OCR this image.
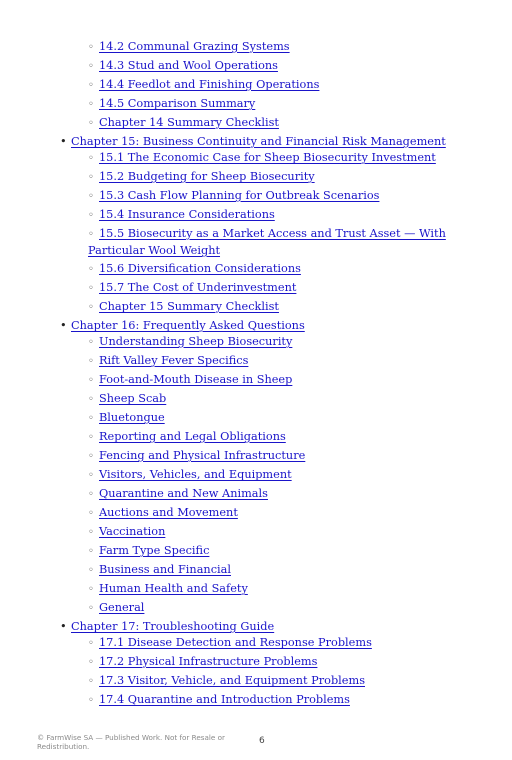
◦ 14.2 Communal Grazing Systems
◦ 14.3 Stud and Wool Operations
◦ 14.4 Feedlot and Finishing Operations
◦ 14.5 Comparison Summary
◦ Chapter 14 Summary Checklist
• Chapter 15: Business Continuity and Financial Risk Management
◦ 15.1 The Economic Case for Sheep Biosecurity Investment
◦ 15.2 Budgeting for Sheep Biosecurity
◦ 15.3 Cash Flow Planning for Outbreak Scenarios
◦ 15.4 Insurance Considerations
◦ 15.5 Biosecurity as a Market Access and Trust Asset — With Particular Wool Weight
◦ 15.6 Diversification Considerations
◦ 15.7 The Cost of Underinvestment
◦ Chapter 15 Summary Checklist
• Chapter 16: Frequently Asked Questions
◦ Understanding Sheep Biosecurity
◦ Rift Valley Fever Specifics
◦ Foot-and-Mouth Disease in Sheep
◦ Sheep Scab
◦ Bluetongue
◦ Reporting and Legal Obligations
◦ Fencing and Physical Infrastructure
◦ Visitors, Vehicles, and Equipment
◦ Quarantine and New Animals
◦ Auctions and Movement
◦ Vaccination
◦ Farm Type Specific
◦ Business and Financial
◦ Human Health and Safety
◦ General
• Chapter 17: Troubleshooting Guide
◦ 17.1 Disease Detection and Response Problems
◦ 17.2 Physical Infrastructure Problems
◦ 17.3 Visitor, Vehicle, and Equipment Problems
◦ 17.4 Quarantine and Introduction Problems
© FarmWise SA — Published Work. Not for Resale or Redistribution.
6
